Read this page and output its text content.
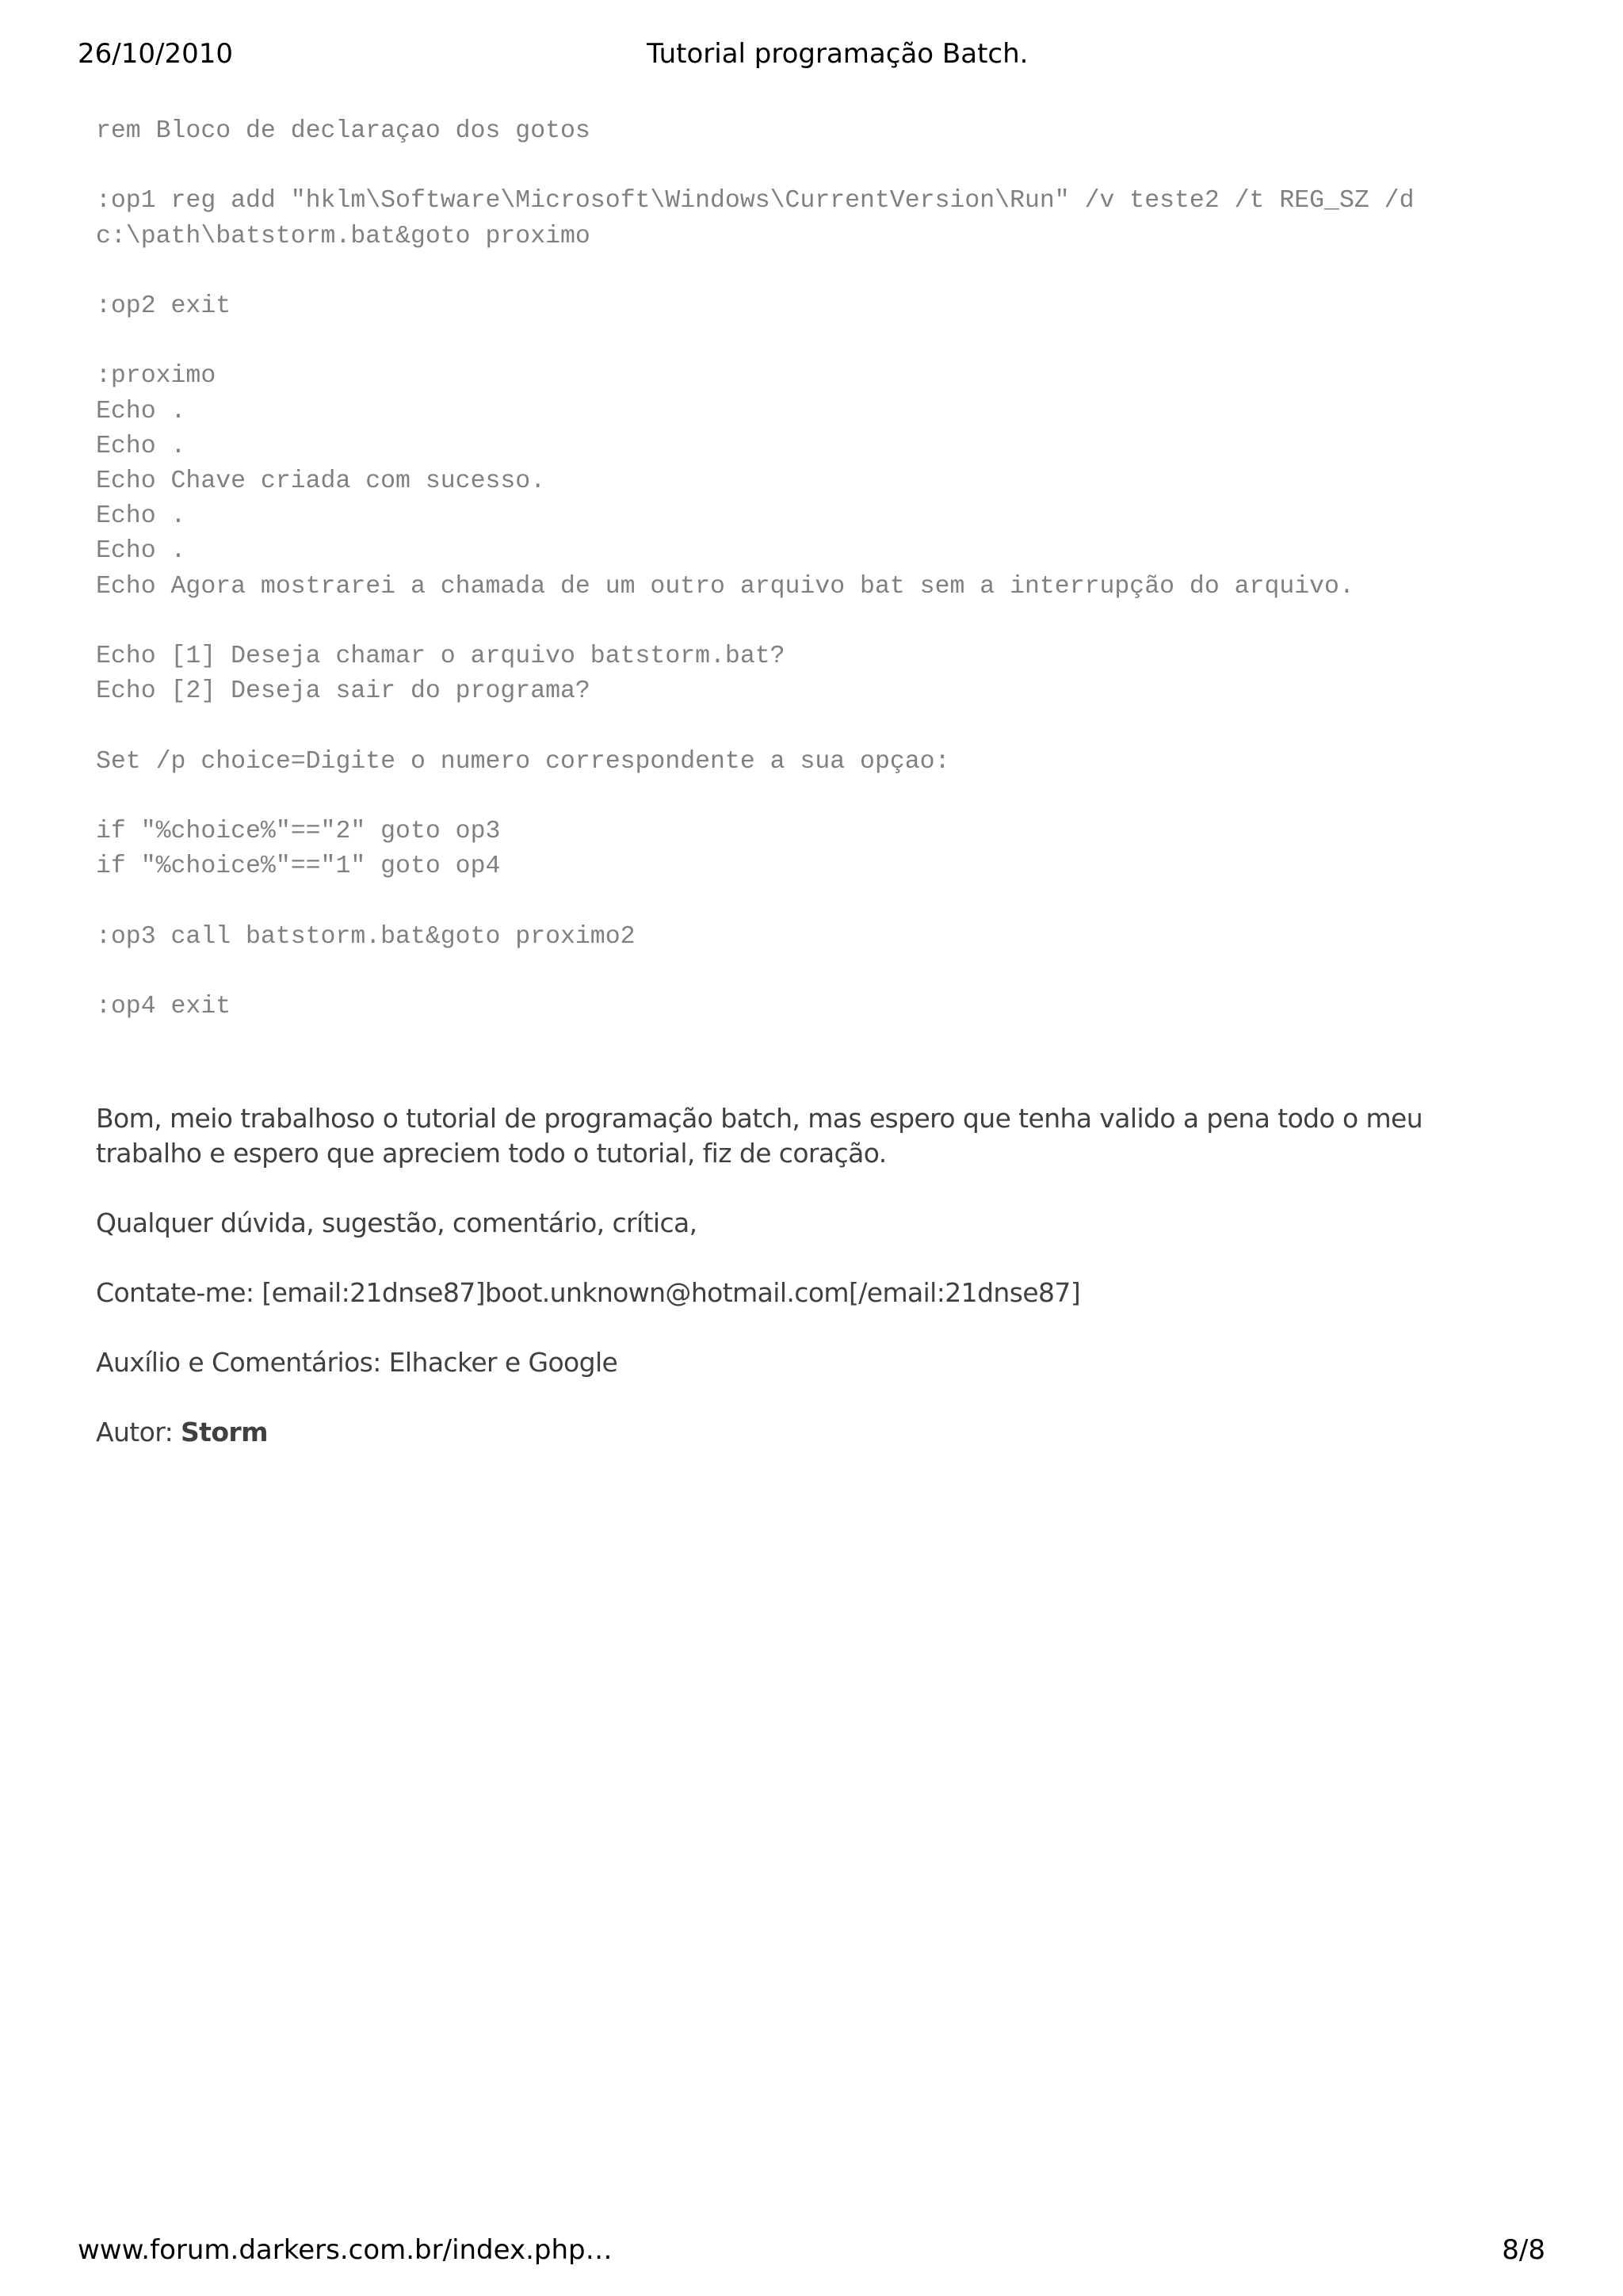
26/10/2010	Tutorial programação Batch.
rem Bloco de declaraçao dos gotos

:op1 reg add "hklm\Software\Microsoft\Windows\CurrentVersion\Run" /v teste2 /t REG_SZ /d
c:\path\batstorm.bat&goto proximo

:op2 exit

:proximo
Echo .
Echo .
Echo Chave criada com sucesso.
Echo .
Echo .
Echo Agora mostrarei a chamada de um outro arquivo bat sem a interrupção do arquivo.

Echo [1] Deseja chamar o arquivo batstorm.bat?
Echo [2] Deseja sair do programa?

Set /p choice=Digite o numero correspondente a sua opçao:

if "%choice%"=="2" goto op3
if "%choice%"=="1" goto op4

:op3 call batstorm.bat&goto proximo2

:op4 exit

Bom, meio trabalhoso o tutorial de programação batch, mas espero que tenha valido a pena todo o meu trabalho e espero que apreciem todo o tutorial, fiz de coração.

Qualquer dúvida, sugestão, comentário, crítica,

Contate-me: [email:21dnse87]boot.unknown@hotmail.com[/email:21dnse87]

Auxílio e Comentários: Elhacker e Google

Autor: Storm

www.forum.darkers.com.br/index.php…	8/8
